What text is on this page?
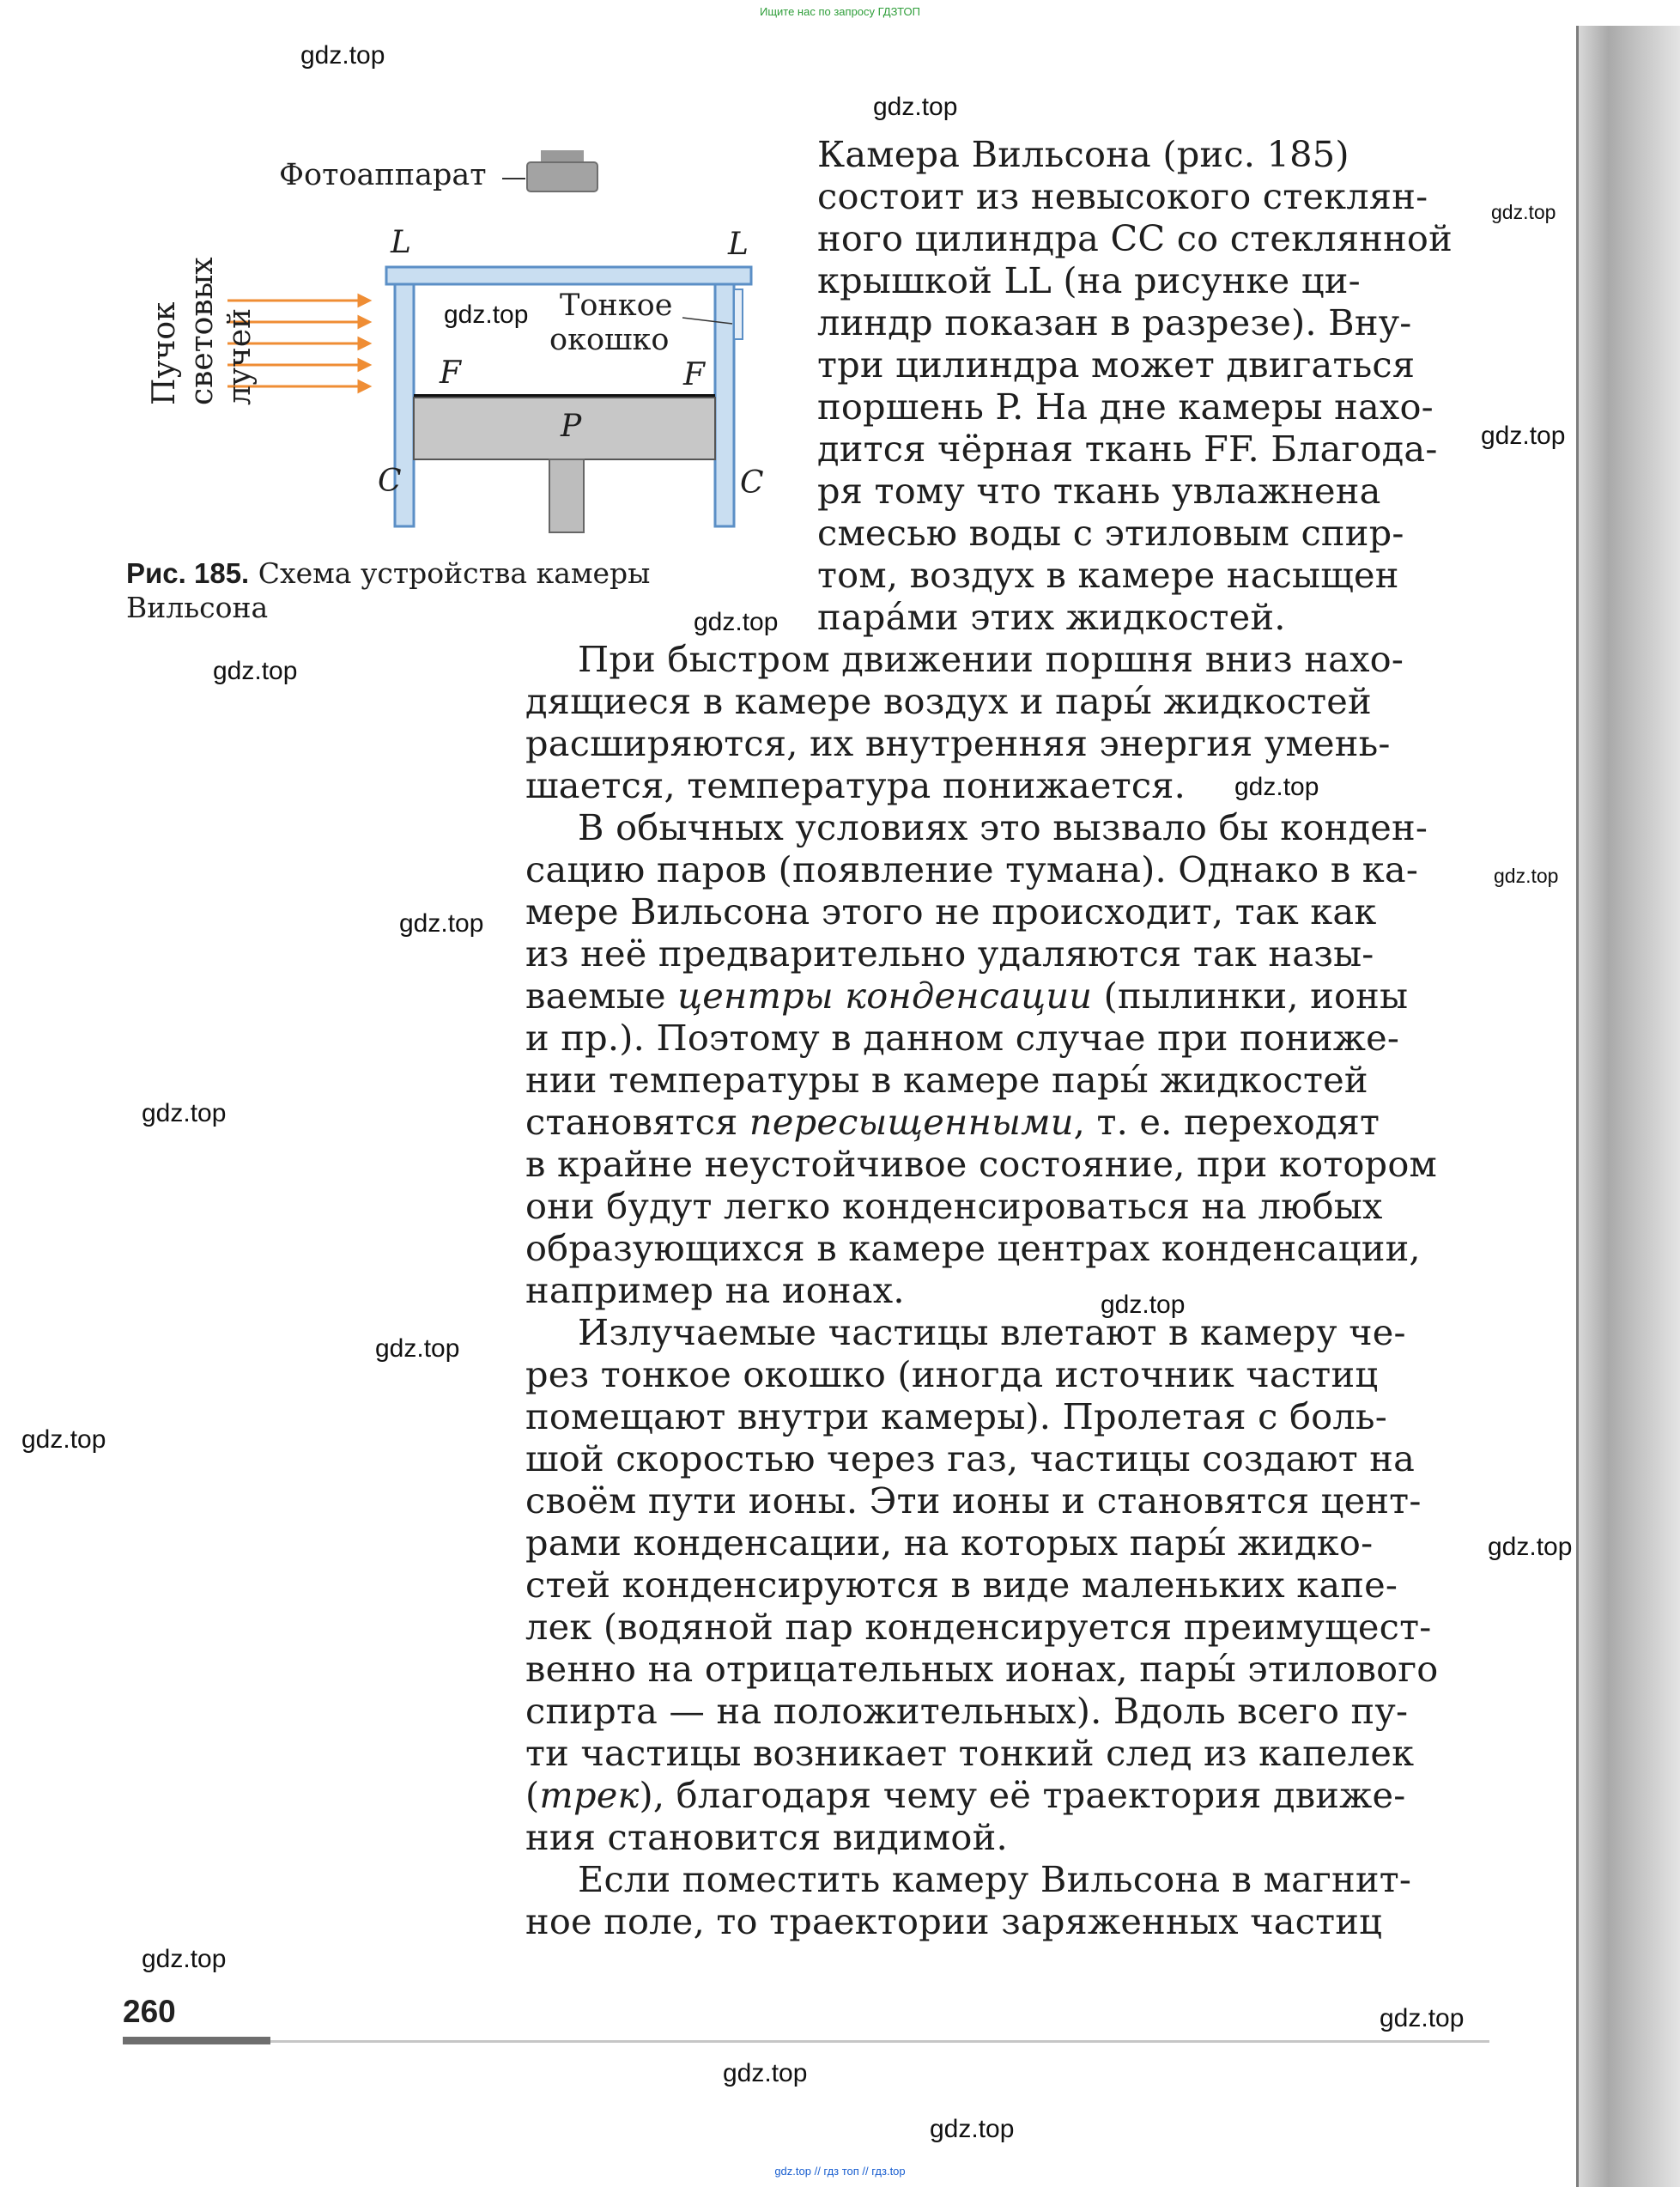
Ищите нас по запросу ГДЗТОП
Фотоаппарат
L	L
Тонкое
окошко
F	F
P
C	C
Пучок световых лучей
Рис. 185. Схема устройства камеры Вильсона
Камера Вильсона (рис. 185)
состоит из невысокого стеклян-
ного цилиндра CC со стеклянной
крышкой LL (на рисунке ци-
линдр показан в разрезе). Вну-
три цилиндра может двигаться
поршень P. На дне камеры нахо-
дится чёрная ткань FF. Благода-
ря тому что ткань увлажнена
смесью воды с этиловым спир-
том, воздух в камере насыщен
пара́ми этих жидкостей.
При быстром движении поршня вниз нахо-
дящиеся в камере воздух и пары́ жидкостей
расширяются, их внутренняя энергия умень-
шается, температура понижается.
В обычных условиях это вызвало бы конден-
сацию паров (появление тумана). Однако в ка-
мере Вильсона этого не происходит, так как
из неё предварительно удаляются так назы-
ваемые центры конденсации (пылинки, ионы
и пр.). Поэтому в данном случае при пониже-
нии температуры в камере пары́ жидкостей
становятся пересыщенными, т. е. переходят
в крайне неустойчивое состояние, при котором
они будут легко конденсироваться на любых
образующихся в камере центрах конденсации,
например на ионах.
Излучаемые частицы влетают в камеру че-
рез тонкое окошко (иногда источник частиц
помещают внутри камеры). Пролетая с боль-
шой скоростью через газ, частицы создают на
своём пути ионы. Эти ионы и становятся цент-
рами конденсации, на которых пары́ жидко-
стей конденсируются в виде маленьких капе-
лек (водяной пар конденсируется преимущест-
венно на отрицательных ионах, пары́ этилового
спирта — на положительных). Вдоль всего пу-
ти частицы возникает тонкий след из капелек
(трек), благодаря чему её траектория движе-
ния становится видимой.
Если поместить камеру Вильсона в магнит-
ное поле, то траектории заряженных частиц
260
gdz.top
gdz.top
gdz.top
gdz.top
gdz.top
gdz.top
gdz.top
gdz.top
gdz.top
gdz.top
gdz.top
gdz.top
gdz.top
gdz.top
gdz.top
gdz.top
gdz.top
gdz.top
gdz.top
gdz.top // гдз топ // гдз.top
